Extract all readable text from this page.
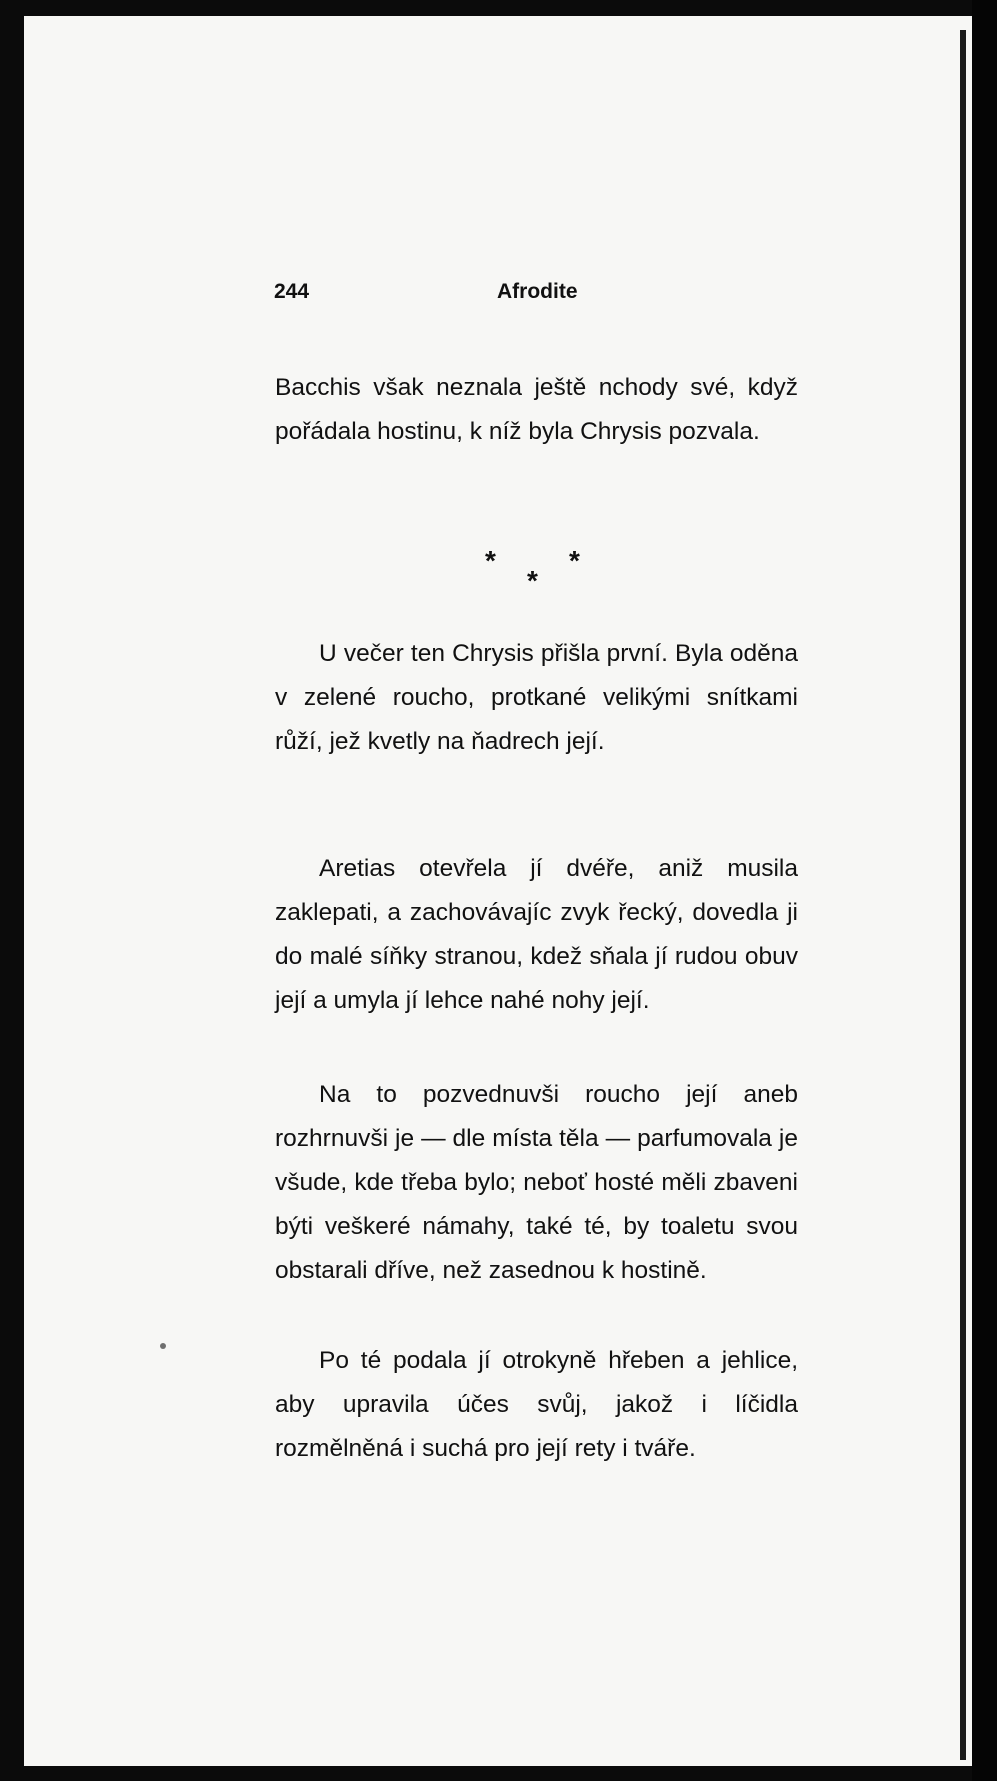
244	Afrodite
Bacchis však neznala ještě nchody své, když pořádala hostinu, k níž byla Chrysis pozvala.
*
*
*
U večer ten Chrysis přišla první. Byla oděna v zelené roucho, protkané velikými snítkami růží, jež kvetly na ňadrech její.
Aretias otevřela jí dvéře, aniž musila zaklepati, a zachovávajíc zvyk řecký, dovedla ji do malé síňky stranou, kdež sňala jí rudou obuv její a umyla jí lehce nahé nohy její.
Na to pozvednuvši roucho její aneb rozhrnuvši je — dle místa těla — parfumovala je všude, kde třeba bylo; neboť hosté měli zbaveni býti veškeré námahy, také té, by toaletu svou obstarali dříve, než zasednou k hostině.
Po té podala jí otrokyně hřeben a jehlice, aby upravila účes svůj, jakož i líčidla rozmělněná i suchá pro její rety i tváře.
